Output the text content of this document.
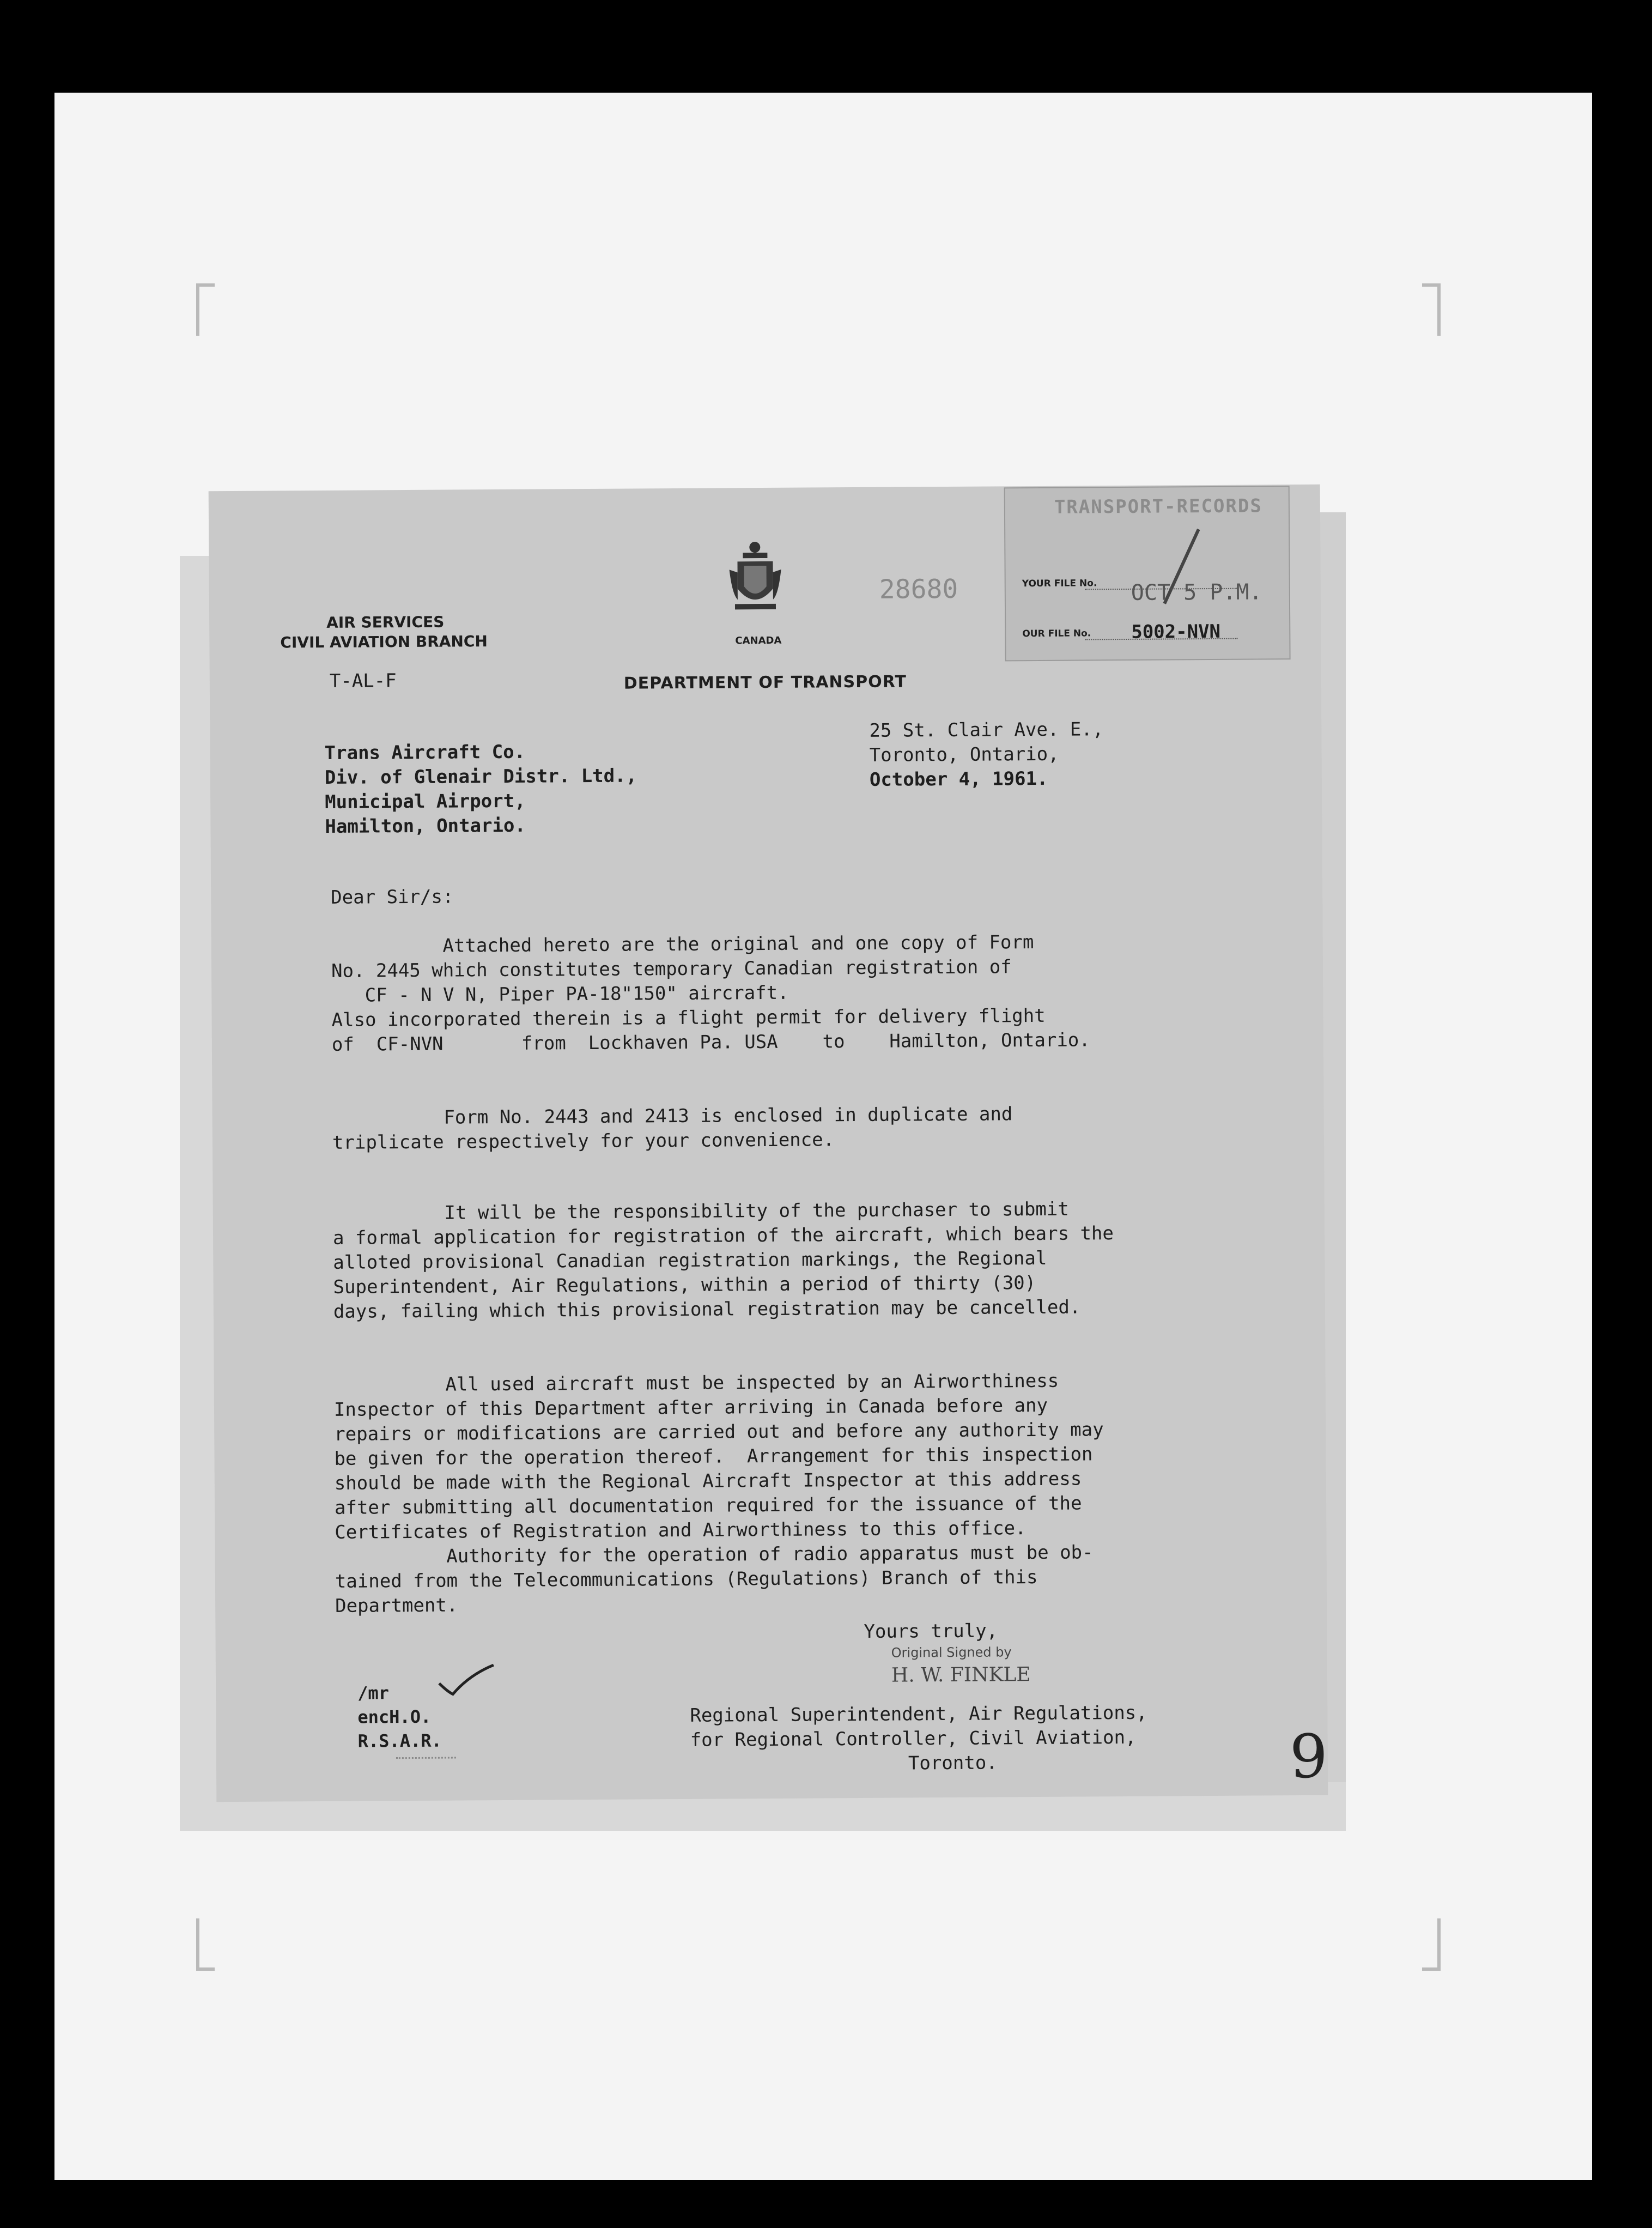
AIR SERVICES
CIVIL AVIATION BRANCH
T-AL-F
CANADA
DEPARTMENT OF TRANSPORT
28680
TRANSPORT-RECORDS
YOUR FILE No. OCT 5 P.M.
OUR FILE No. 5002-NVN
25 St. Clair Ave. E.,
Toronto, Ontario,
October 4, 1961.
Trans Aircraft Co.
Div. of Glenair Distr. Ltd.,
Municipal Airport,
Hamilton, Ontario.
Dear Sir/s:
Attached hereto are the original and one copy of Form
No. 2445 which constitutes temporary Canadian registration of
CF - N V N, Piper PA-18"150" aircraft.
Also incorporated therein is a flight permit for delivery flight
of  CF-NVN       from  Lockhaven Pa. USA    to    Hamilton, Ontario.
Form No. 2443 and 2413 is enclosed in duplicate and
triplicate respectively for your convenience.
It will be the responsibility of the purchaser to submit
a formal application for registration of the aircraft, which bears the
alloted provisional Canadian registration markings, the Regional
Superintendent, Air Regulations, within a period of thirty (30)
days, failing which this provisional registration may be cancelled.
All used aircraft must be inspected by an Airworthiness
Inspector of this Department after arriving in Canada before any
repairs or modifications are carried out and before any authority may
be given for the operation thereof.  Arrangement for this inspection
should be made with the Regional Aircraft Inspector at this address
after submitting all documentation required for the issuance of the
Certificates of Registration and Airworthiness to this office.
Authority for the operation of radio apparatus must be ob-
tained from the Telecommunications (Regulations) Branch of this
Department.
Yours truly,
Original Signed by
H. W. FINKLE
Regional Superintendent, Air Regulations,
for Regional Controller, Civil Aviation,
Toronto.
/mr
encH.O.
R.S.A.R.	9
